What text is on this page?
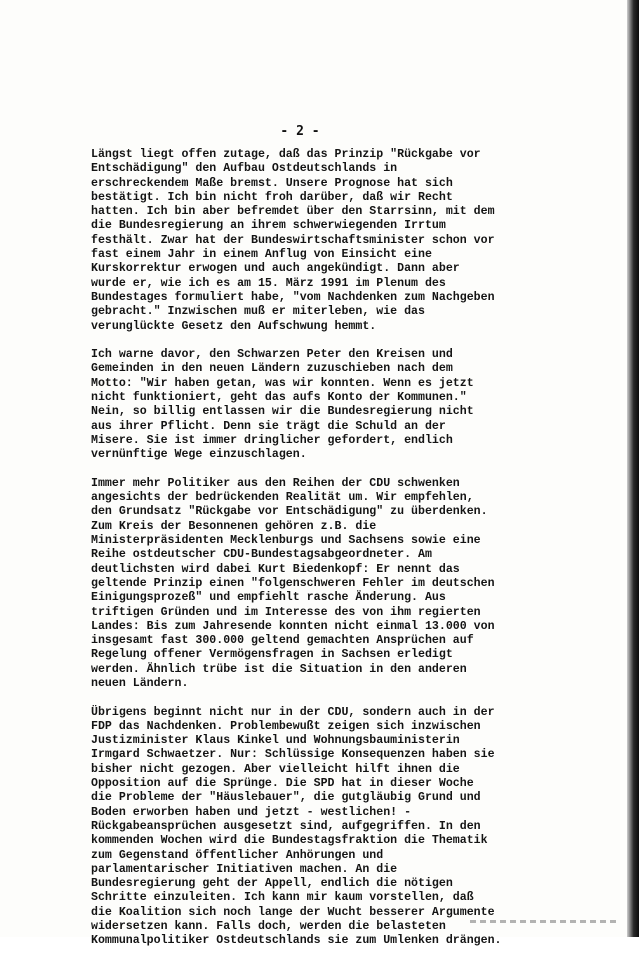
- 2 -
Längst liegt offen zutage, daß das Prinzip "Rückgabe vor
Entschädigung" den Aufbau Ostdeutschlands in
erschreckendem Maße bremst. Unsere Prognose hat sich
bestätigt. Ich bin nicht froh darüber, daß wir Recht
hatten. Ich bin aber befremdet über den Starrsinn, mit dem
die Bundesregierung an ihrem schwerwiegenden Irrtum
festhält. Zwar hat der Bundeswirtschaftsminister schon vor
fast einem Jahr in einem Anflug von Einsicht eine
Kurskorrektur erwogen und auch angekündigt. Dann aber
wurde er, wie ich es am 15. März 1991 im Plenum des
Bundestages formuliert habe, "vom Nachdenken zum Nachgeben
gebracht." Inzwischen muß er miterleben, wie das
verunglückte Gesetz den Aufschwung hemmt.
Ich warne davor, den Schwarzen Peter den Kreisen und
Gemeinden in den neuen Ländern zuzuschieben nach dem
Motto: "Wir haben getan, was wir konnten. Wenn es jetzt
nicht funktioniert, geht das aufs Konto der Kommunen."
Nein, so billig entlassen wir die Bundesregierung nicht
aus ihrer Pflicht. Denn sie trägt die Schuld an der
Misere. Sie ist immer dringlicher gefordert, endlich
vernünftige Wege einzuschlagen.
Immer mehr Politiker aus den Reihen der CDU schwenken
angesichts der bedrückenden Realität um. Wir empfehlen,
den Grundsatz "Rückgabe vor Entschädigung" zu überdenken.
Zum Kreis der Besonnenen gehören z.B. die
Ministerpräsidenten Mecklenburgs und Sachsens sowie eine
Reihe ostdeutscher CDU-Bundestagsabgeordneter. Am
deutlichsten wird dabei Kurt Biedenkopf: Er nennt das
geltende Prinzip einen "folgenschweren Fehler im deutschen
Einigungsprozeß" und empfiehlt rasche Änderung. Aus
triftigen Gründen und im Interesse des von ihm regierten
Landes: Bis zum Jahresende konnten nicht einmal 13.000 von
insgesamt fast 300.000 geltend gemachten Ansprüchen auf
Regelung offener Vermögensfragen in Sachsen erledigt
werden. Ähnlich trübe ist die Situation in den anderen
neuen Ländern.
Übrigens beginnt nicht nur in der CDU, sondern auch in der
FDP das Nachdenken. Problembewußt zeigen sich inzwischen
Justizminister Klaus Kinkel und Wohnungsbauministerin
Irmgard Schwaetzer. Nur: Schlüssige Konsequenzen haben sie
bisher nicht gezogen. Aber vielleicht hilft ihnen die
Opposition auf die Sprünge. Die SPD hat in dieser Woche
die Probleme der "Häuslebauer", die gutgläubig Grund und
Boden erworben haben und jetzt - westlichen! -
Rückgabeansprüchen ausgesetzt sind, aufgegriffen. In den
kommenden Wochen wird die Bundestagsfraktion die Thematik
zum Gegenstand öffentlicher Anhörungen und
parlamentarischer Initiativen machen. An die
Bundesregierung geht der Appell, endlich die nötigen
Schritte einzuleiten. Ich kann mir kaum vorstellen, daß
die Koalition sich noch lange der Wucht besserer Argumente
widersetzen kann. Falls doch, werden die belasteten
Kommunalpolitiker Ostdeutschlands sie zum Umlenken drängen.
